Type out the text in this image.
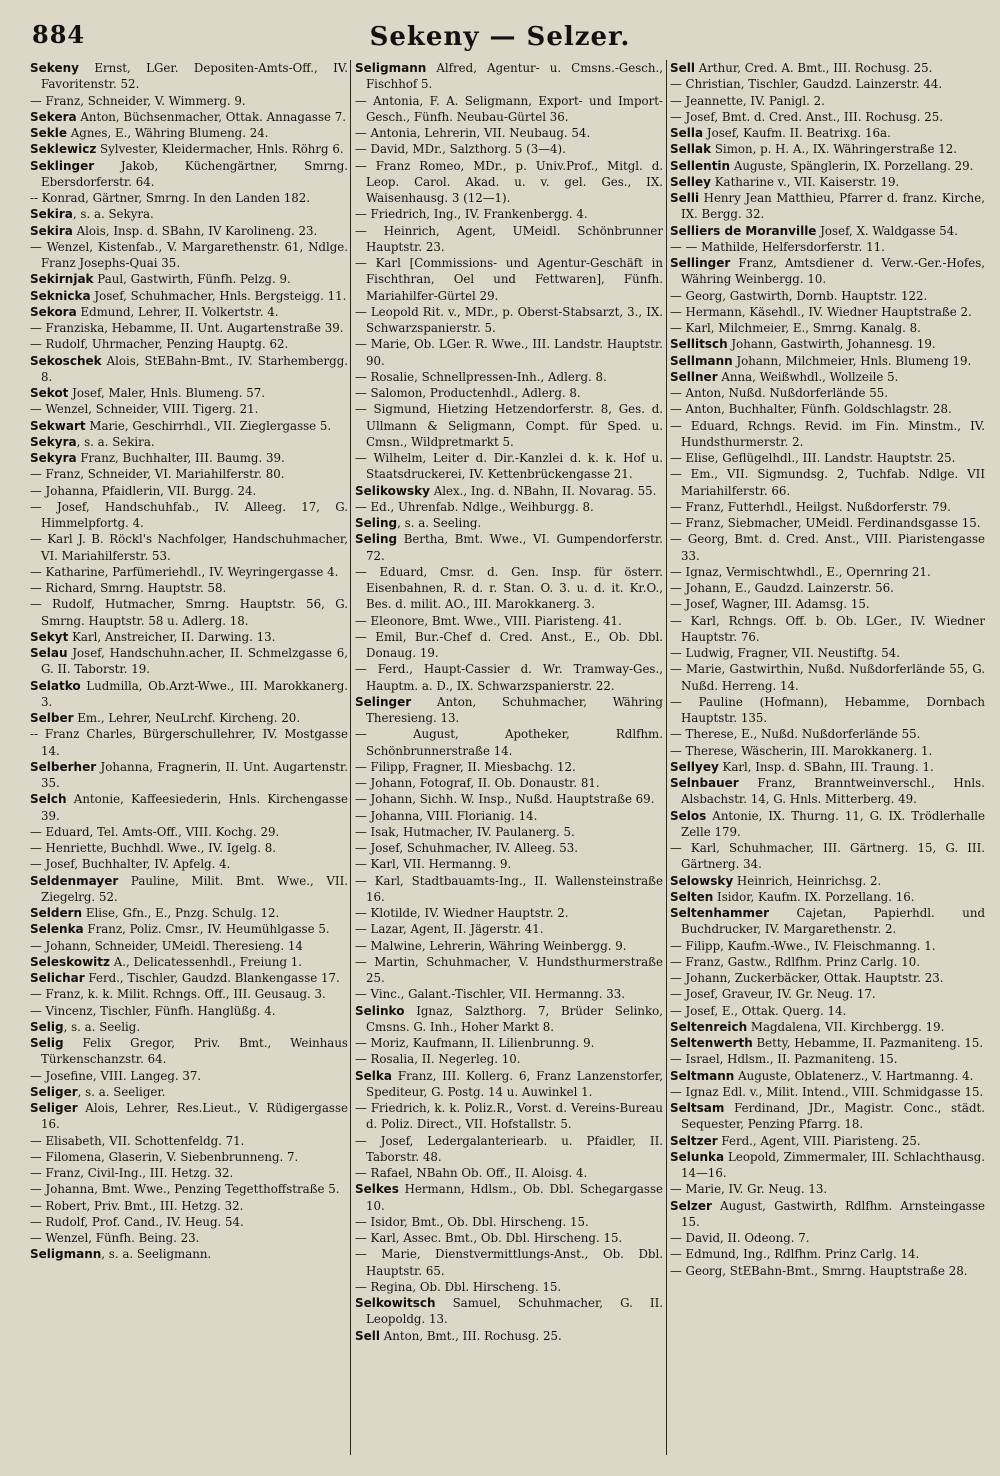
884	Sekeny — Selzer.

Sekeny Ernst, LGer. Depositen-Amts-Off., IV. Favoritenstr. 52.

— Franz, Schneider, V. Wimmerg. 9.

Sekera Anton, Büchsenmacher, Ottak. Annagasse 7.

Sekle Agnes, E., Währing Blumeng. 24.

Seklewicz Sylvester, Kleidermacher, Hnls. Röhrg 6.

Seklinger Jakob, Küchengärtner, Smrng. Ebersdorferstr. 64.

-- Konrad, Gärtner, Smrng. In den Landen 182.

Sekira, s. a. Sekyra.

Sekira Alois, Insp. d. SBahn, IV Karolineng. 23.

— Wenzel, Kistenfab., V. Margarethenstr. 61, Ndlge. Franz Josephs-Quai 35.

Sekirnjak Paul, Gastwirth, Fünfh. Pelzg. 9.

Seknicka Josef, Schuhmacher, Hnls. Bergsteigg. 11.

Sekora Edmund, Lehrer, II. Volkertstr. 4.

— Franziska, Hebamme, II. Unt. Augartenstraße 39.

— Rudolf, Uhrmacher, Penzing Hauptg. 62.

Sekoschek Alois, StEBahn-Bmt., IV. Starhembergg. 8.

Sekot Josef, Maler, Hnls. Blumeng. 57.

— Wenzel, Schneider, VIII. Tigerg. 21.

Sekwart Marie, Geschirrhdl., VII. Zieglergasse 5.

Sekyra, s. a. Sekira.

Sekyra Franz, Buchhalter, III. Baumg. 39.

— Franz, Schneider, VI. Mariahilferstr. 80.

— Johanna, Pfaidlerin, VII. Burgg. 24.

— Josef, Handschuhfab., IV. Alleeg. 17, G. Himmelpfortg. 4.

— Karl J. B. Röckl's Nachfolger, Handschuhmacher, VI. Mariahilferstr. 53.

— Katharine, Parfümeriehdl., IV. Weyringergasse 4.

— Richard, Smrng. Hauptstr. 58.

— Rudolf, Hutmacher, Smrng. Hauptstr. 56, G. Smrng. Hauptstr. 58 u. Adlerg. 18.

Sekyt Karl, Anstreicher, II. Darwing. 13.

Selau Josef, Handschuhn.acher, II. Schmelzgasse 6, G. II. Taborstr. 19.

Selatko Ludmilla, Ob.Arzt-Wwe., III. Marokkanerg. 3.

Selber Em., Lehrer, NeuLrchf. Kircheng. 20.

-- Franz Charles, Bürgerschullehrer, IV. Mostgasse 14.

Selberher Johanna, Fragnerin, II. Unt. Augartenstr. 35.

Selch Antonie, Kaffeesiederin, Hnls. Kirchengasse 39.

— Eduard, Tel. Amts-Off., VIII. Kochg. 29.

— Henriette, Buchhdl. Wwe., IV. Igelg. 8.

— Josef, Buchhalter, IV. Apfelg. 4.

Seldenmayer Pauline, Milit. Bmt. Wwe., VII. Ziegelrg. 52.

Seldern Elise, Gfn., E., Pnzg. Schulg. 12.

Selenka Franz, Poliz. Cmsr., IV. Heumühlgasse 5.

— Johann, Schneider, UMeidl. Theresieng. 14

Seleskowitz A., Delicatessenhdl., Freiung 1.

Selichar Ferd., Tischler, Gaudzd. Blankengasse 17.

— Franz, k. k. Milit. Rchngs. Off., III. Geusaug. 3.

— Vincenz, Tischler, Fünfh. Hanglüßg. 4.

Selig, s. a. Seelig.

Selig Felix Gregor, Priv. Bmt., Weinhaus Türkenschanzstr. 64.

— Josefine, VIII. Langeg. 37.

Seliger, s. a. Seeliger.

Seliger Alois, Lehrer, Res.Lieut., V. Rüdigergasse 16.

— Elisabeth, VII. Schottenfeldg. 71.

— Filomena, Glaserin, V. Siebenbrunneng. 7.

— Franz, Civil-Ing., III. Hetzg. 32.

— Johanna, Bmt. Wwe., Penzing Tegetthoffstraße 5.

— Robert, Priv. Bmt., III. Hetzg. 32.

— Rudolf, Prof. Cand., IV. Heug. 54.

— Wenzel, Fünfh. Being. 23.

Seligmann, s. a. Seeligmann.

Seligmann Alfred, Agentur- u. Cmsns.-Gesch., Fischhof 5.

— Antonia, F. A. Seligmann, Export- und Import-Gesch., Fünfh. Neubau-Gürtel 36.

— Antonia, Lehrerin, VII. Neubaug. 54.

— David, MDr., Salzthorg. 5 (3—4).

— Franz Romeo, MDr., p. Univ.Prof., Mitgl. d. Leop. Carol. Akad. u. v. gel. Ges., IX. Waisenhausg. 3 (12—1).

— Friedrich, Ing., IV. Frankenbergg. 4.

— Heinrich, Agent, UMeidl. Schönbrunner Hauptstr. 23.

— Karl [Commissions- und Agentur-Geschäft in Fischthran, Oel und Fettwaren], Fünfh. Mariahilfer-Gürtel 29.

— Leopold Rit. v., MDr., p. Oberst-Stabsarzt, 3., IX. Schwarzspanierstr. 5.

— Marie, Ob. LGer. R. Wwe., III. Landstr. Hauptstr. 90.

— Rosalie, Schnellpressen-Inh., Adlerg. 8.

— Salomon, Productenhdl., Adlerg. 8.

— Sigmund, Hietzing Hetzendorferstr. 8, Ges. d. Ullmann & Seligmann, Compt. für Sped. u. Cmsn., Wildpretmarkt 5.

— Wilhelm, Leiter d. Dir.-Kanzlei d. k. k. Hof u. Staatsdruckerei, IV. Kettenbrückengasse 21.

Selikowsky Alex., Ing. d. NBahn, II. Novarag. 55.

— Ed., Uhrenfab. Ndlge., Weihburgg. 8.

Seling, s. a. Seeling.

Seling Bertha, Bmt. Wwe., VI. Gumpendorferstr. 72.

— Eduard, Cmsr. d. Gen. Insp. für österr. Eisenbahnen, R. d. r. Stan. O. 3. u. d. it. Kr.O., Bes. d. milit. AO., III. Marokkanerg. 3.

— Eleonore, Bmt. Wwe., VIII. Piaristeng. 41.

— Emil, Bur.-Chef d. Cred. Anst., E., Ob. Dbl. Donaug. 19.

— Ferd., Haupt-Cassier d. Wr. Tramway-Ges., Hauptm. a. D., IX. Schwarzspanierstr. 22.

Selinger Anton, Schuhmacher, Währing Theresieng. 13.

— August, Apotheker, Rdlfhm. Schönbrunnerstraße 14.

— Filipp, Fragner, II. Miesbachg. 12.

— Johann, Fotograf, II. Ob. Donaustr. 81.

— Johann, Sichh. W. Insp., Nußd. Hauptstraße 69.

— Johanna, VIII. Florianig. 14.

— Isak, Hutmacher, IV. Paulanerg. 5.

— Josef, Schuhmacher, IV. Alleeg. 53.

— Karl, VII. Hermanng. 9.

— Karl, Stadtbauamts-Ing., II. Wallensteinstraße 16.

— Klotilde, IV. Wiedner Hauptstr. 2.

— Lazar, Agent, II. Jägerstr. 41.

— Malwine, Lehrerin, Währing Weinbergg. 9.

— Martin, Schuhmacher, V. Hundsthurmerstraße 25.

— Vinc., Galant.-Tischler, VII. Hermanng. 33.

Selinko Ignaz, Salzthorg. 7, Brüder Selinko, Cmsns. G. Inh., Hoher Markt 8.

— Moriz, Kaufmann, II. Lilienbrunng. 9.

— Rosalia, II. Negerleg. 10.

Selka Franz, III. Kollerg. 6, Franz Lanzenstorfer, Spediteur, G. Postg. 14 u. Auwinkel 1.

— Friedrich, k. k. Poliz.R., Vorst. d. Vereins-Bureau d. Poliz. Direct., VII. Hofstallstr. 5.

— Josef, Ledergalanteriearb. u. Pfaidler, II. Taborstr. 48.

— Rafael, NBahn Ob. Off., II. Aloisg. 4.

Selkes Hermann, Hdlsm., Ob. Dbl. Schegargasse 10.

— Isidor, Bmt., Ob. Dbl. Hirscheng. 15.

— Karl, Assec. Bmt., Ob. Dbl. Hirscheng. 15.

— Marie, Dienstvermittlungs-Anst., Ob. Dbl. Hauptstr. 65.

— Regina, Ob. Dbl. Hirscheng. 15.

Selkowitsch Samuel, Schuhmacher, G. II. Leopoldg. 13.

Sell Anton, Bmt., III. Rochusg. 25.

Sell Arthur, Cred. A. Bmt., III. Rochusg. 25.

— Christian, Tischler, Gaudzd. Lainzerstr. 44.

— Jeannette, IV. Panigl. 2.

— Josef, Bmt. d. Cred. Anst., III. Rochusg. 25.

Sella Josef, Kaufm. II. Beatrixg. 16a.

Sellak Simon, p. H. A., IX. Währingerstraße 12.

Sellentin Auguste, Spänglerin, IX. Porzellang. 29.

Selley Katharine v., VII. Kaiserstr. 19.

Selli Henry Jean Matthieu, Pfarrer d. franz. Kirche, IX. Bergg. 32.

Selliers de Moranville Josef, X. Waldgasse 54.

— — Mathilde, Helfersdorferstr. 11.

Sellinger Franz, Amtsdiener d. Verw.-Ger.-Hofes, Währing Weinbergg. 10.

— Georg, Gastwirth, Dornb. Hauptstr. 122.

— Hermann, Käsehdl., IV. Wiedner Hauptstraße 2.

— Karl, Milchmeier, E., Smrng. Kanalg. 8.

Sellitsch Johann, Gastwirth, Johannesg. 19.

Sellmann Johann, Milchmeier, Hnls. Blumeng 19.

Sellner Anna, Weißwhdl., Wollzeile 5.

— Anton, Nußd. Nußdorferlände 55.

— Anton, Buchhalter, Fünfh. Goldschlagstr. 28.

— Eduard, Rchngs. Revid. im Fin. Minstm., IV. Hundsthurmerstr. 2.

— Elise, Geflügelhdl., III. Landstr. Hauptstr. 25.

— Em., VII. Sigmundsg. 2, Tuchfab. Ndlge. VII Mariahilferstr. 66.

— Franz, Futterhdl., Heilgst. Nußdorferstr. 79.

— Franz, Siebmacher, UMeidl. Ferdinandsgasse 15.

— Georg, Bmt. d. Cred. Anst., VIII. Piaristengasse 33.

— Ignaz, Vermischtwhdl., E., Opernring 21.

— Johann, E., Gaudzd. Lainzerstr. 56.

— Josef, Wagner, III. Adamsg. 15.

— Karl, Rchngs. Off. b. Ob. LGer., IV. Wiedner Hauptstr. 76.

— Ludwig, Fragner, VII. Neustiftg. 54.

— Marie, Gastwirthin, Nußd. Nußdorferlände 55, G. Nußd. Herreng. 14.

— Pauline (Hofmann), Hebamme, Dornbach Hauptstr. 135.

— Therese, E., Nußd. Nußdorferlände 55.

— Therese, Wäscherin, III. Marokkanerg. 1.

Sellyey Karl, Insp. d. SBahn, III. Traung. 1.

Selnbauer Franz, Branntweinverschl., Hnls. Alsbachstr. 14, G. Hnls. Mitterberg. 49.

Selos Antonie, IX. Thurng. 11, G. IX. Trödlerhalle Zelle 179.

— Karl, Schuhmacher, III. Gärtnerg. 15, G. III. Gärtnerg. 34.

Selowsky Heinrich, Heinrichsg. 2.

Selten Isidor, Kaufm. IX. Porzellang. 16.

Seltenhammer Cajetan, Papierhdl. und Buchdrucker, IV. Margarethenstr. 2.

— Filipp, Kaufm.-Wwe., IV. Fleischmanng. 1.

— Franz, Gastw., Rdlfhm. Prinz Carlg. 10.

— Johann, Zuckerbäcker, Ottak. Hauptstr. 23.

— Josef, Graveur, IV. Gr. Neug. 17.

— Josef, E., Ottak. Querg. 14.

Seltenreich Magdalena, VII. Kirchbergg. 19.

Seltenwerth Betty, Hebamme, II. Pazmaniteng. 15.

— Israel, Hdlsm., II. Pazmaniteng. 15.

Seltmann Auguste, Oblatenerz., V. Hartmanng. 4.

— Ignaz Edl. v., Milit. Intend., VIII. Schmidgasse 15.

Seltsam Ferdinand, JDr., Magistr. Conc., städt. Sequester, Penzing Pfarrg. 18.

Seltzer Ferd., Agent, VIII. Piaristeng. 25.

Selunka Leopold, Zimmermaler, III. Schlachthausg. 14—16.

— Marie, IV. Gr. Neug. 13.

Selzer August, Gastwirth, Rdlfhm. Arnsteingasse 15.

— David, II. Odeong. 7.

— Edmund, Ing., Rdlfhm. Prinz Carlg. 14.

— Georg, StEBahn-Bmt., Smrng. Hauptstraße 28.
